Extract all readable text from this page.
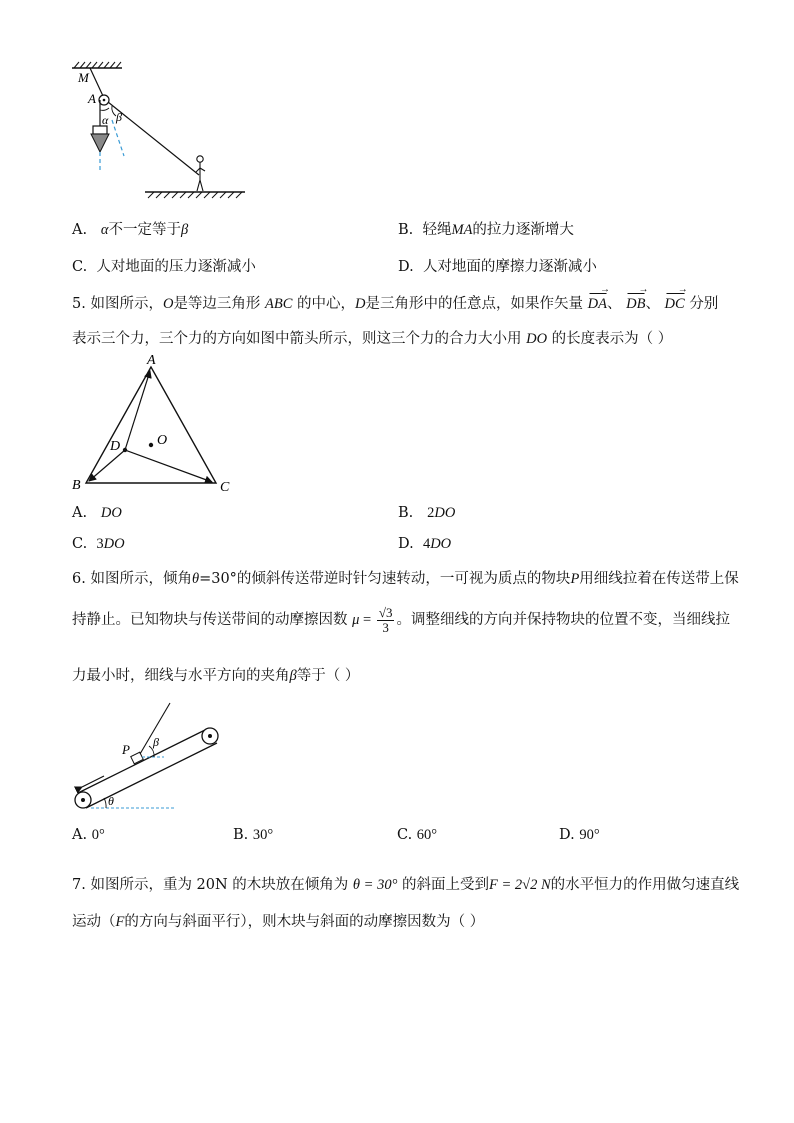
M
A
α β
A. α不一定等于β	B. 轻绳MA的拉力逐渐增大
C. 人对地面的压力逐渐减小	D. 人对地面的摩擦力逐渐减小
5. 如图所示，O是等边三角形 ABC 的中心，D是三角形中的任意点，如果作矢量 DA →、 DB →、 DC → 分别
表示三个力，三个力的方向如图中箭头所示，则这三个力的合力大小用 DO 的长度表示为（ ）
A
B	C
D	O
A. DO	B. 2DO
C. 3DO	D. 4DO
6. 如图所示，倾角θ=30°的倾斜传送带逆时针匀速转动，一可视为质点的物块P用细线拉着在传送带上保
持静止。已知物块与传送带间的动摩擦因数 $\mu = \frac{√3}{3}$ 。调整细线的方向并保持物块的位置不变，当细线拉
力最小时，细线与水平方向的夹角β等于（ ）
P β
θ
A. 0°	B. 30°	C. 60°	D. 90°
7. 如图所示，重为 20N 的木块放在倾角为 θ = 30° 的斜面上受到F = 2√2 N的水平恒力的作用做匀速直线
运动（F的方向与斜面平行），则木块与斜面的动摩擦因数为（ ）
